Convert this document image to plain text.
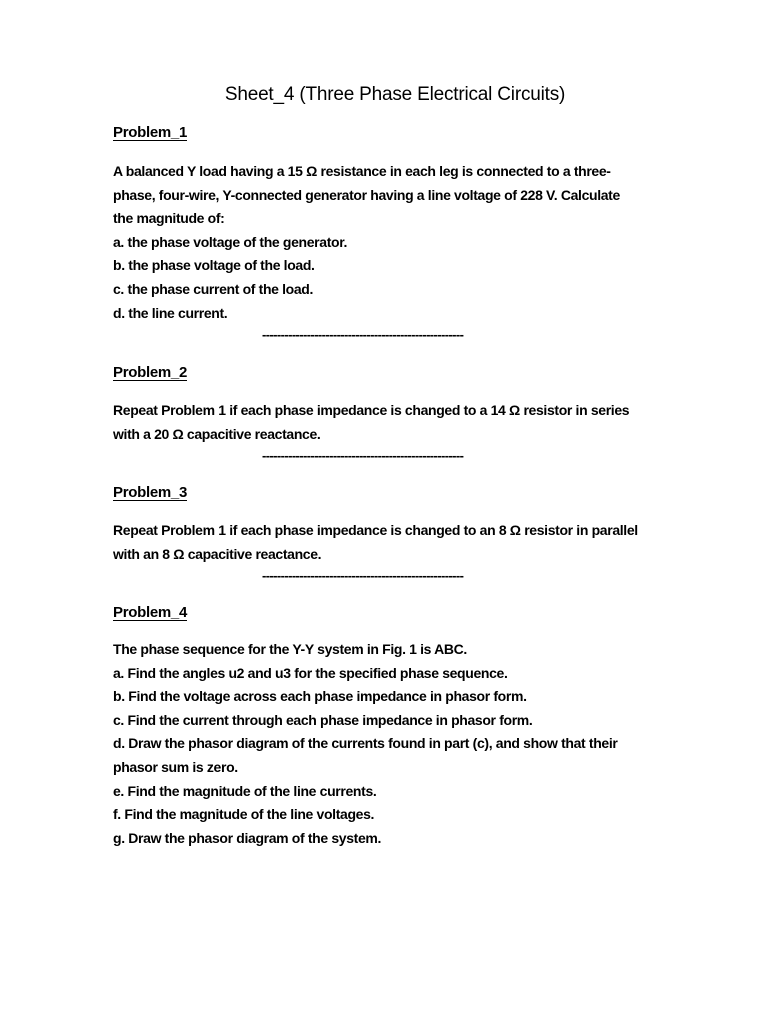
Sheet_4 (Three Phase Electrical Circuits)
Problem_1
A balanced Y load having a 15 Ω resistance in each leg is connected to a three-
phase, four-wire, Y-connected generator having a line voltage of 228 V. Calculate
the magnitude of:
a. the phase voltage of the generator.
b. the phase voltage of the load.
c. the phase current of the load.
d. the line current.
------------------------------------------------------
Problem_2
Repeat Problem 1 if each phase impedance is changed to a 14 Ω resistor in series
with a 20 Ω capacitive reactance.
------------------------------------------------------
Problem_3
Repeat Problem 1 if each phase impedance is changed to an 8 Ω resistor in parallel
with an 8 Ω capacitive reactance.
------------------------------------------------------
Problem_4
The phase sequence for the Y-Y system in Fig. 1 is ABC.
a. Find the angles u2 and u3 for the specified phase sequence.
b. Find the voltage across each phase impedance in phasor form.
c. Find the current through each phase impedance in phasor form.
d. Draw the phasor diagram of the currents found in part (c), and show that their
phasor sum is zero.
e. Find the magnitude of the line currents.
f. Find the magnitude of the line voltages.
g. Draw the phasor diagram of the system.
